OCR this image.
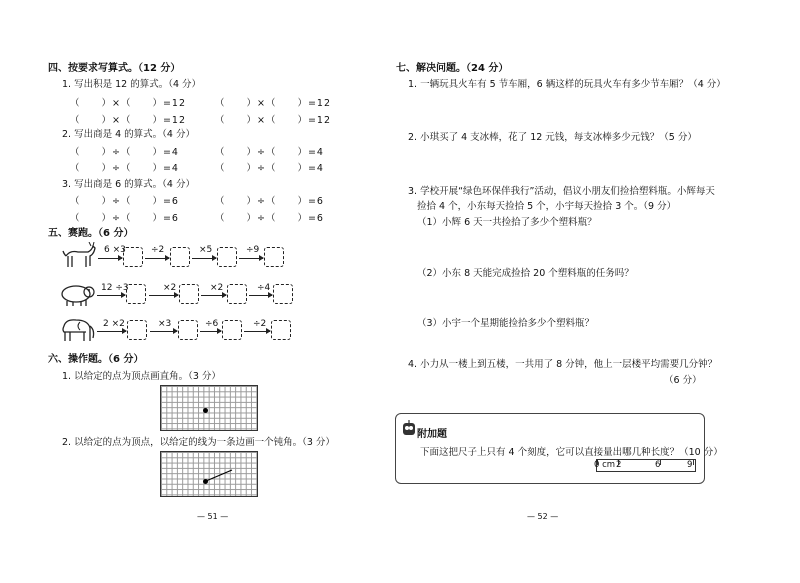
四、按要求写算式。（12 分）
1. 写出积是 12 的算式。（4 分）
（　　）×（　　）=12	（　　）×（　　）=12
（　　）×（　　）=12	（　　）×（　　）=12
2. 写出商是 4 的算式。（4 分）
（　　）÷（　　）=4	（　　）÷（　　）=4
（　　）÷（　　）=4	（　　）÷（　　）=4
3. 写出商是 6 的算式。（4 分）
（　　）÷（　　）=6	（　　）÷（　　）=6
（　　）÷（　　）=6	（　　）÷（　　）=6
五、赛跑。（6 分）
6 ×3	÷2	×5	÷9
12 ÷3	×2	×2	÷4
2 ×2	×3	÷6	÷2
六、操作题。（6 分）
1. 以给定的点为顶点画直角。（3 分）
2. 以给定的点为顶点，以给定的线为一条边画一个钝角。（3 分）
— 51 —
七、解决问题。（24 分）
1. 一辆玩具火车有 5 节车厢，6 辆这样的玩具火车有多少节车厢？（4 分）
2. 小琪买了 4 支冰棒，花了 12 元钱，每支冰棒多少元钱？（5 分）
3. 学校开展“绿色环保伴我行”活动，倡议小朋友们捡拾塑料瓶。小辉每天
捡拾 4 个，小东每天捡拾 5 个，小宇每天捡拾 3 个。（9 分）
（1）小辉 6 天一共捡拾了多少个塑料瓶？
（2）小东 8 天能完成捡拾 20 个塑料瓶的任务吗？
（3）小宇一个星期能捡拾多少个塑料瓶？
4. 小力从一楼上到五楼，一共用了 8 分钟，他上一层楼平均需要几分钟？
（6 分）
附加题
下面这把尺子上只有 4 个刻度，它可以直接量出哪几种长度？（10 分）
0 cm 2	6	9
— 52 —
